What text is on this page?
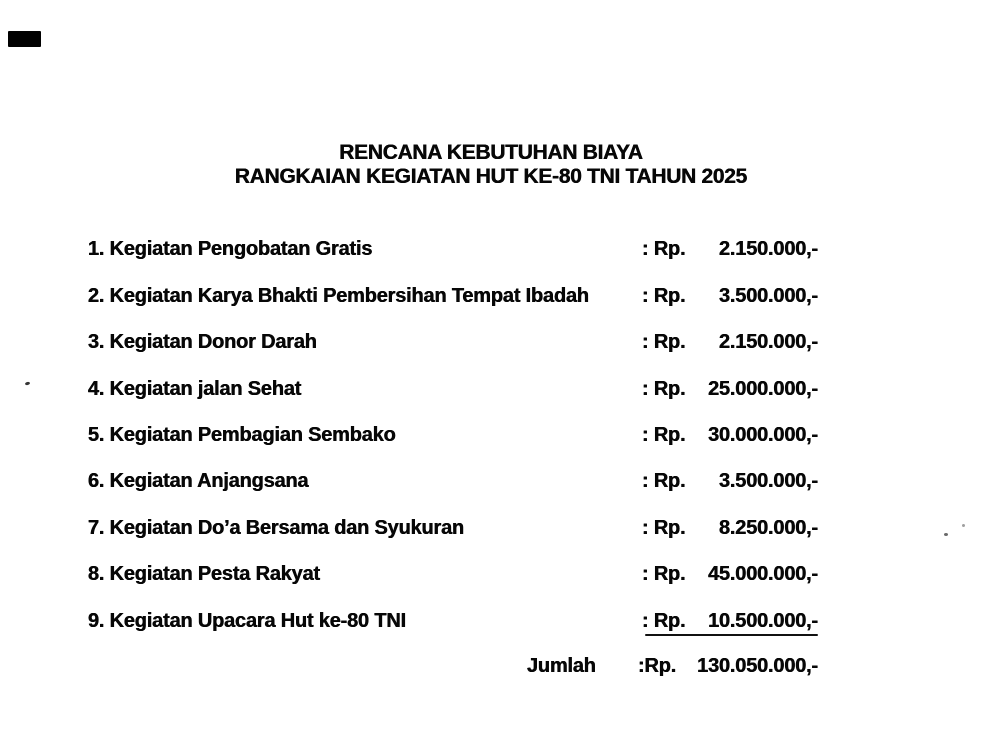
RENCANA KEBUTUHAN BIAYA
RANGKAIAN KEGIATAN HUT KE-80 TNI TAHUN 2025
1. Kegiatan Pengobatan Gratis	: Rp. 2.150.000,-
2. Kegiatan Karya Bhakti Pembersihan Tempat Ibadah	: Rp. 3.500.000,-
3. Kegiatan Donor Darah	: Rp. 2.150.000,-
4. Kegiatan jalan Sehat	: Rp. 25.000.000,-
5. Kegiatan Pembagian Sembako	: Rp. 30.000.000,-
6. Kegiatan Anjangsana	: Rp. 3.500.000,-
7. Kegiatan Do’a Bersama dan Syukuran	: Rp. 8.250.000,-
8. Kegiatan Pesta Rakyat	: Rp. 45.000.000,-
9. Kegiatan Upacara Hut ke-80 TNI	: Rp. 10.500.000,-
Jumlah :Rp. 130.050.000,-
